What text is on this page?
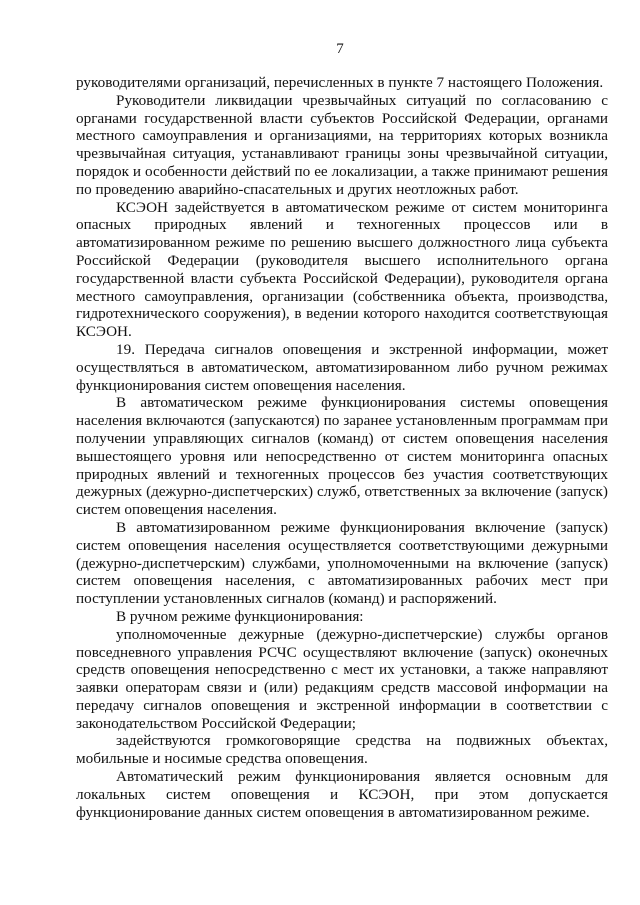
7

руководителями организаций, перечисленных в пункте 7 настоящего Положения.

Руководители ликвидации чрезвычайных ситуаций по согласованию с органами государственной власти субъектов Российской Федерации, органами местного самоуправления и организациями, на территориях которых возникла чрезвычайная ситуация, устанавливают границы зоны чрезвычайной ситуации, порядок и особенности действий по ее локализации, а также принимают решения по проведению аварийно-спасательных и других неотложных работ.

КСЭОН задействуется в автоматическом режиме от систем мониторинга опасных природных явлений и техногенных процессов или в автоматизированном режиме по решению высшего должностного лица субъекта Российской Федерации (руководителя высшего исполнительного органа государственной власти субъекта Российской Федерации), руководителя органа местного самоуправления, организации (собственника объекта, производства, гидротехнического сооружения), в ведении которого находится соответствующая КСЭОН.

19. Передача сигналов оповещения и экстренной информации, может осуществляться в автоматическом, автоматизированном либо ручном режимах функционирования систем оповещения населения.

В автоматическом режиме функционирования системы оповещения населения включаются (запускаются) по заранее установленным программам при получении управляющих сигналов (команд) от систем оповещения населения вышестоящего уровня или непосредственно от систем мониторинга опасных природных явлений и техногенных процессов без участия соответствующих дежурных (дежурно-диспетчерских) служб, ответственных за включение (запуск) систем оповещения населения.

В автоматизированном режиме функционирования включение (запуск) систем оповещения населения осуществляется соответствующими дежурными (дежурно-диспетчерским) службами, уполномоченными на включение (запуск) систем оповещения населения, с автоматизированных рабочих мест при поступлении установленных сигналов (команд) и распоряжений.

В ручном режиме функционирования:

уполномоченные дежурные (дежурно-диспетчерские) службы органов повседневного управления РСЧС осуществляют включение (запуск) оконечных средств оповещения непосредственно с мест их установки, а также направляют заявки операторам связи и (или) редакциям средств массовой информации на передачу сигналов оповещения и экстренной информации в соответствии с законодательством Российской Федерации;

задействуются громкоговорящие средства на подвижных объектах, мобильные и носимые средства оповещения.

Автоматический режим функционирования является основным для локальных систем оповещения и КСЭОН, при этом допускается функционирование данных систем оповещения в автоматизированном режиме.
